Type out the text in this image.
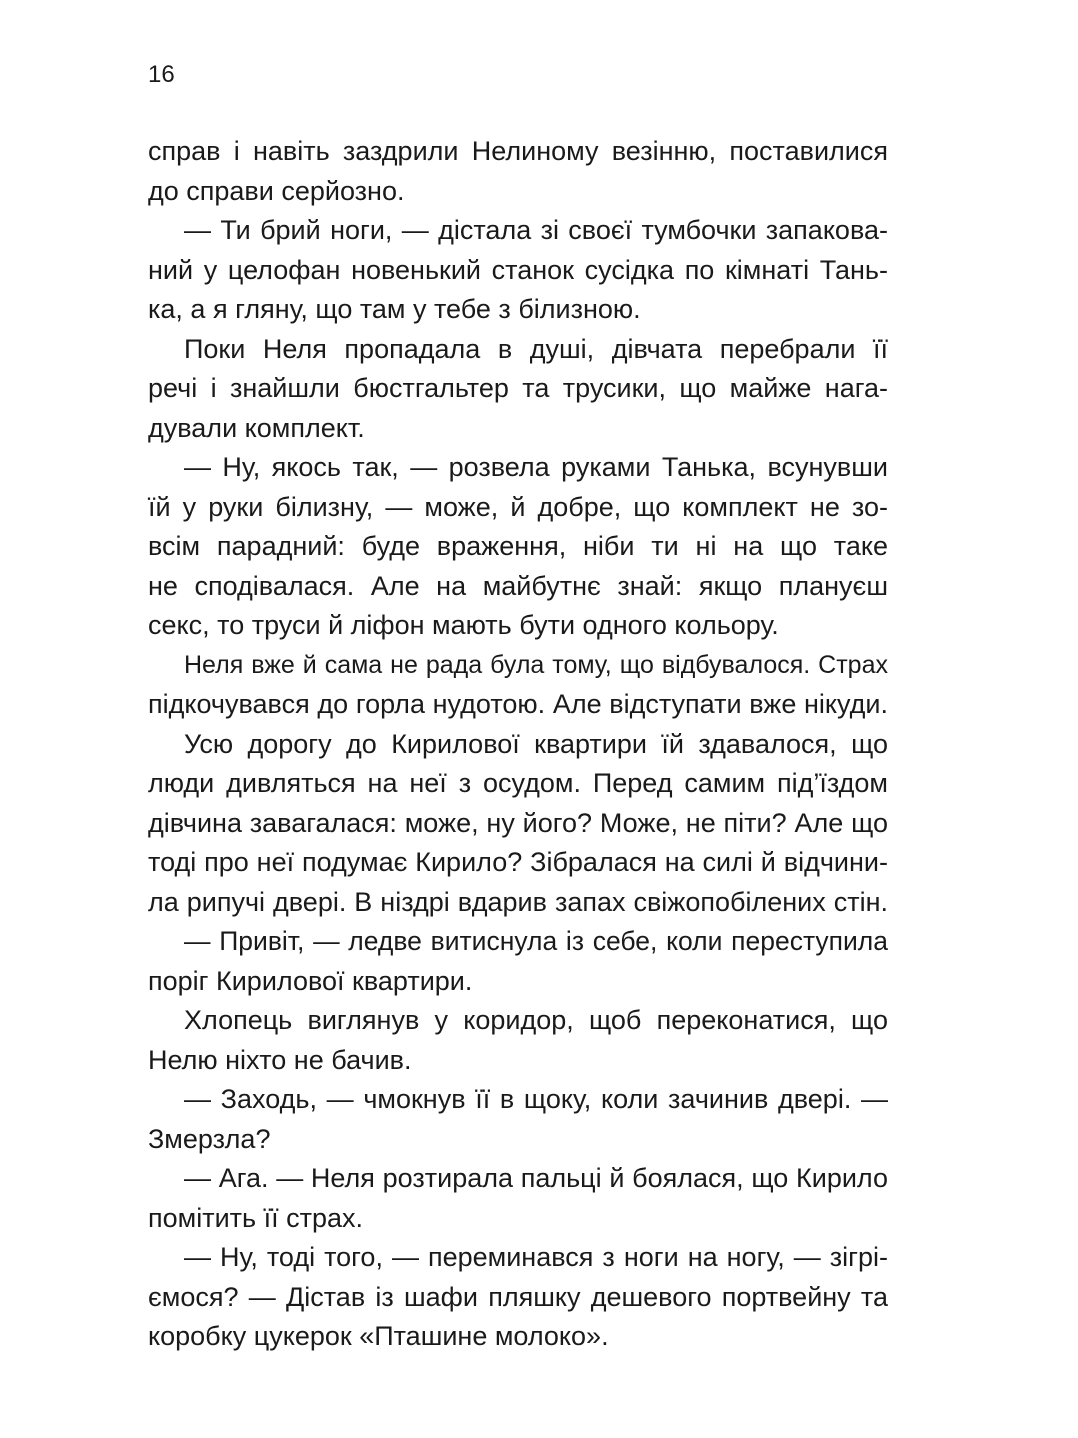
16
справ і навіть заздрили Нелиному везінню, поставилися
до справи серйозно.
— Ти брий ноги, — дістала зі своєї тумбочки запакова-
ний у целофан новенький станок сусідка по кімнаті Тань-
ка, а я гляну, що там у тебе з білизною.
Поки Неля пропадала в душі, дівчата перебрали її
речі і знайшли бюстгальтер та трусики, що майже нага-
дували комплект.
— Ну, якось так, — розвела руками Танька, всунувши
їй у руки білизну, — може, й добре, що комплект не зо-
всім парадний: буде враження, ніби ти ні на що таке
не сподівалася. Але на майбутнє знай: якщо плануєш
секс, то труси й ліфон мають бути одного кольору.
Неля вже й сама не рада була тому, що відбувалося. Страх
підкочувався до горла нудотою. Але відступати вже нікуди.
Усю дорогу до Кирилової квартири їй здавалося, що
люди дивляться на неї з осудом. Перед самим під’їздом
дівчина завагалася: може, ну його? Може, не піти? Але що
тоді про неї подумає Кирило? Зібралася на силі й відчини-
ла рипучі двері. В ніздрі вдарив запах свіжопобілених стін.
— Привіт, — ледве витиснула із себе, коли переступила
поріг Кирилової квартири.
Хлопець виглянув у коридор, щоб переконатися, що
Нелю ніхто не бачив.
— Заходь, — чмокнув її в щоку, коли зачинив двері. —
Змерзла?
— Ага. — Неля розтирала пальці й боялася, що Кирило
помітить її страх.
— Ну, тоді того, — переминався з ноги на ногу, — зігрі-
ємося? — Дістав із шафи пляшку дешевого портвейну та
коробку цукерок «Пташине молоко».
